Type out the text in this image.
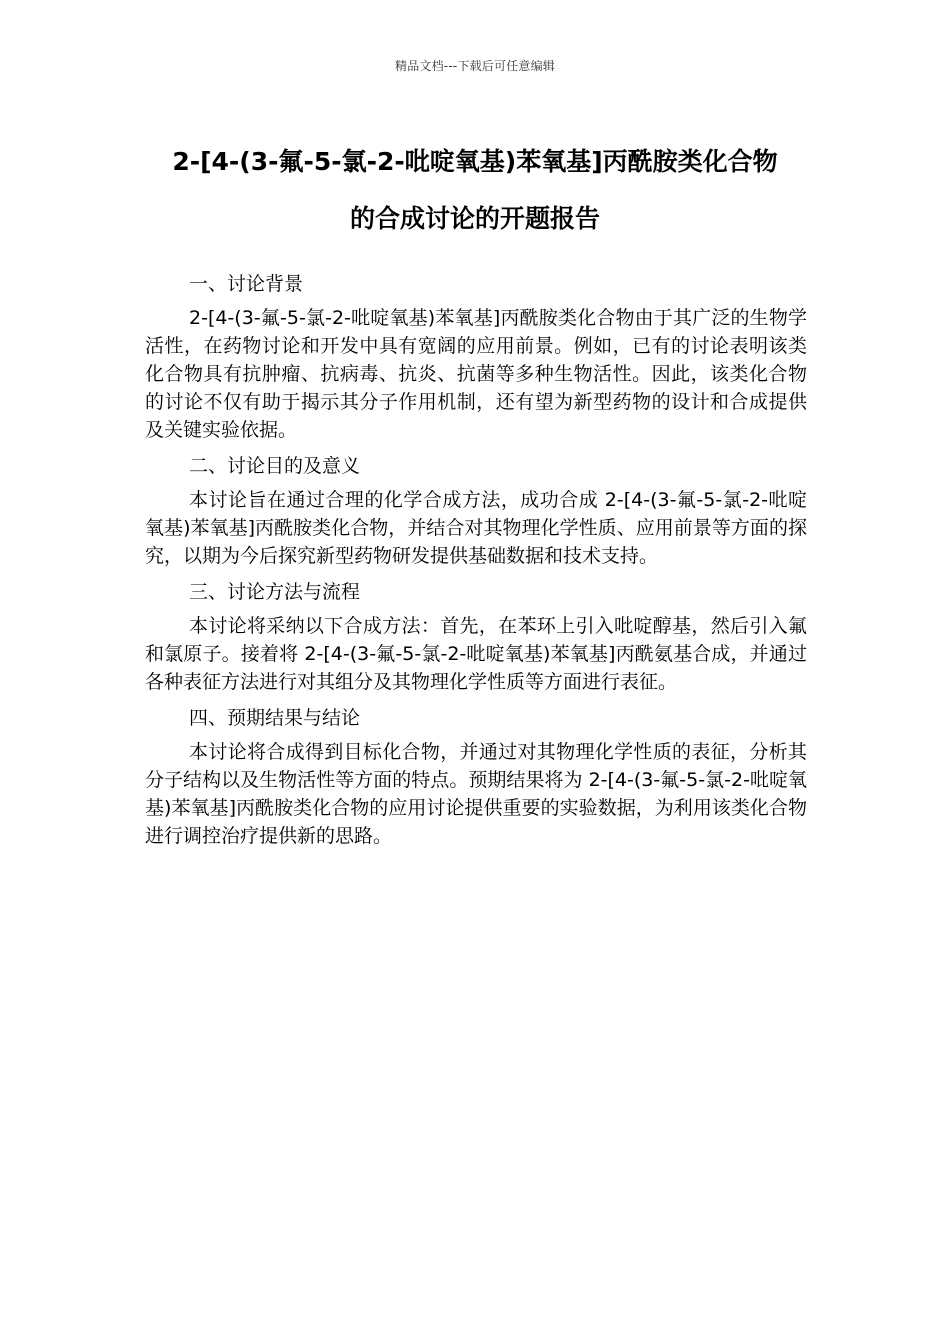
精品文档---下载后可任意编辑
2-[4-(3-氟-5-氯-2-吡啶氧基)苯氧基]丙酰胺类化合物
的合成讨论的开题报告
一、讨论背景

2-[4-(3-氟-5-氯-2-吡啶氧基)苯氧基]丙酰胺类化合物由于其广泛的生物学活性，在药物讨论和开发中具有宽阔的应用前景。例如，已有的讨论表明该类化合物具有抗肿瘤、抗病毒、抗炎、抗菌等多种生物活性。因此，该类化合物的讨论不仅有助于揭示其分子作用机制，还有望为新型药物的设计和合成提供及关键实验依据。

二、讨论目的及意义

本讨论旨在通过合理的化学合成方法，成功合成 2-[4-(3-氟-5-氯-2-吡啶氧基)苯氧基]丙酰胺类化合物，并结合对其物理化学性质、应用前景等方面的探究，以期为今后探究新型药物研发提供基础数据和技术支持。

三、讨论方法与流程

本讨论将采纳以下合成方法：首先，在苯环上引入吡啶醇基，然后引入氟和氯原子。接着将 2-[4-(3-氟-5-氯-2-吡啶氧基)苯氧基]丙酰氨基合成，并通过各种表征方法进行对其组分及其物理化学性质等方面进行表征。

四、预期结果与结论

本讨论将合成得到目标化合物，并通过对其物理化学性质的表征，分析其分子结构以及生物活性等方面的特点。预期结果将为 2-[4-(3-氟-5-氯-2-吡啶氧基)苯氧基]丙酰胺类化合物的应用讨论提供重要的实验数据，为利用该类化合物进行调控治疗提供新的思路。
